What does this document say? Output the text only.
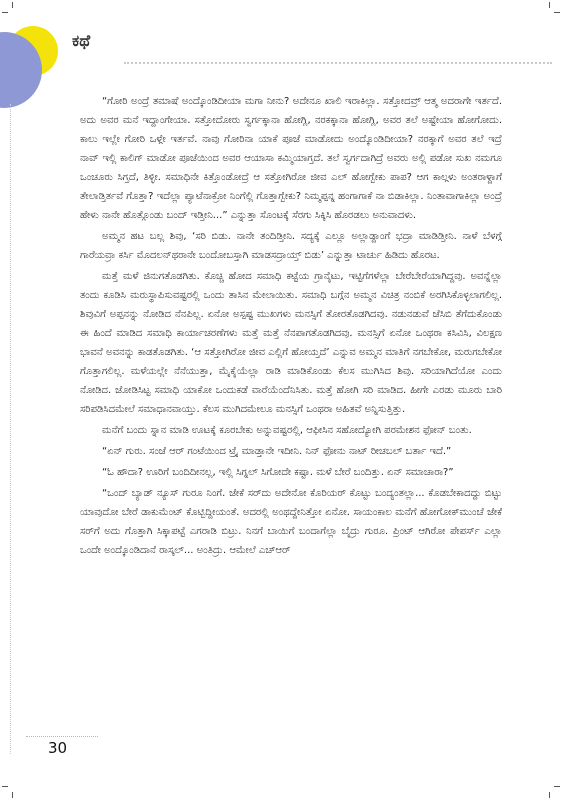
ಕಥೆ

“ಗೋರಿ ಅಂದ್ರೆ ತಮಾಷೆ ಅಂದ್ಕೊಂಡಿದೀಯಾ ಮಗಾ ನೀನು? ಅದೇನೂ ಖಾಲಿ ಇರಾಕಿಲ್ಲಾ. ಸತ್ತೋದವ್ರ್ ಆತ್ಮ ಅದರಾಗೇ ಇರ್ತದೆ. ಅದು ಅವರ ಮನೆ ಇದ್ದಾಂಗೇಯಾ. ಸತ್ತೋದೋರು ಸ್ವರ್ಗಕ್ಕಾನಾ ಹೋಗ್ಲಿ, ನರಕಕ್ಕಾನಾ ಹೋಗ್ಲಿ, ಅವರ ತಲೆ ಅಷ್ಟೇಯಾ ಹೋಗೋದು. ಕಾಲು ಇಲ್ಲೇ ಗೋರಿ ಒಳ್ಗೇ ಇರ್ತವೆ. ನಾವು ಗೋರಿನಾ ಯಾಕೆ ಪೂಜೆ ಮಾಡೋದು ಅಂದ್ಕೊಂಡಿದೀಯಾ? ನರಕ್ಕಾಗೆ ಅವರ ತಲೆ ಇದ್ರೆ ನಾವ್ ಇಲ್ಲಿ ಕಾಲಿಗ್ ಮಾಡೋ ಪೂಜೆಯಿಂದ ಅವರ ಆಯಾಸಾ ಕಮ್ಮಿಯಾಗ್ತದೆ. ತಲೆ ಸ್ವರ್ಗದಾಗಿದ್ರೆ ಅವರು ಅಲ್ಲಿ ಪಡೋ ಸುಖ ನಮಗೂ ಒಂಚೂರು ಸಿಗ್ತದೆ, ತಿಳ್ಳೀ. ಸಮಾಧಿನೇ ಕಿತ್ತೊಂಡೋದ್ರೆ ಆ ಸತ್ತೋಗಿರೋ ಜೀವ ಎಲ್ ಹೋಗ್ಬೇಕು ಪಾಪ? ಆಗ ಕಾಲ್ಗಳು ಅಂತರಾಳ್ದಾಗೆ ತೇಲಾಡ್ತಿರ್ತವೆ ಗೊತ್ತಾ? ಇದೆಲ್ಲಾ ಪ್ಯಾಟೆನಾಕ್ರೋ ನಿಂಗೆಲ್ಲಿ ಗೊತ್ತಾಗ್ಬೇಕು? ನಿಮ್ಮಪ್ಪನ್ನ ಹಂಗಾಗಾಕೆ ನಾ ಬಿಡಾಕಿಲ್ಲಾ. ನಿಂತಾವಾಗಾಕಿಲ್ಲಾ ಅಂದ್ರೆ ಹೇಳು ನಾನೇ ಹೊತ್ಗೊಂಡು ಬಂದ್ ಇಡ್ತೀನಿ...” ಎನ್ನುತ್ತಾ ಸೊಂಟಕ್ಕೆ ಸೆರಗು ಸಿಕ್ಕಿಸಿ ಹೊರಡಲು ಅನುವಾದಳು.

ಅಮ್ಮನ ಹಟ ಬಲ್ಲ ಶಿವು, ‘ಸರಿ ಬಿಡು. ನಾನೇ ತಂದಿಡ್ತೀನಿ. ಸದ್ಯಕ್ಕೆ ಎಲ್ಲೂ ಅಲ್ಲಾಡ್ದಾಂಗೆ ಭದ್ರಾ ಮಾಡಿಡ್ತೀನಿ. ನಾಳೆ ಬೆಳಗ್ಗೆ ಗಾರೆಯವ್ರಾ ಕರ್ಸಿ ಮೊದಲನ್‌ಥರಾನೇ ಬಂದೋಬಸ್ತಾಗಿ ಮಾಡಸದ್ರಾಯ್ತ್ ಬಿಡು’ ಎನ್ನುತ್ತಾ ಟಾರ್ಚು ಹಿಡಿದು ಹೊರಟ.

ಮತ್ತೆ ಮಳೆ ಜಿನುಗತೊಡಗಿತು. ಕೊಚ್ಚಿ ಹೋದ ಸಮಾಧಿ ಕಟ್ಟೆಯ ಗ್ರಾನೈಟು, ಇಟ್ಟಿಗೆಗಳೆಲ್ಲಾ ಬೇರೆಬೇರೆಯಾಗಿದ್ದವು. ಅವನ್ನೆಲ್ಲಾ ತಂದು ಕೂಡಿಸಿ ಮರುಸ್ಥಾಪಿಸುವಷ್ಟರಲ್ಲಿ ಒಂದು ತಾಸಿನ ಮೇಲಾಯಿತು. ಸಮಾಧಿ ಬಗ್ಗೆನ ಅಮ್ಮನ ವಿಚಿತ್ರ ನಂಬಿಕೆ ಅರಗಿಸಿಕೊಳ್ಳಲಾಗಲಿಲ್ಲ. ಶಿವುವಿಗೆ ಅಪ್ಪನನ್ನು ನೋಡಿದ ನೆನಪಿಲ್ಲ. ಏನೋ ಅಸ್ಪಷ್ಟ ಮುಖಗಳು ಮನಸ್ಸಿಗೆ ತೋರತೊಡಗಿದವು. ನಡುನಡುವೆ ಜೆಸಿಬಿ ತೆಗೆದುಕೊಂಡು ಈ ಹಿಂದೆ ಮಾಡಿದ ಸಮಾಧಿ ಕಾರ್ಯಾಚರಣೆಗಳು ಮತ್ತೆ ಮತ್ತೆ ನೆನಪಾಗತೊಡಗಿದವು. ಮನಸ್ಸಿಗೆ ಏನೋ ಒಂಥರಾ ಕಸಿವಿಸಿ, ವಿಲಕ್ಷಣ ಭಾವನೆ ಅವನನ್ನು ಕಾಡತೊಡಗಿತು. ‘ಆ ಸತ್ತೋಗಿರೋ ಜೀವ ಎಲ್ಲಿಗೆ ಹೋಯ್ತದೆ’ ಎನ್ನುವ ಅಮ್ಮನ ಮಾತಿಗೆ ನಗಬೇಕೋ, ಮರುಗಬೇಕೋ ಗೊತ್ತಾಗಲಿಲ್ಲ. ಮಳೆಯಲ್ಲೇ ನೆನೆಯುತ್ತಾ, ಮೈಕೈಯೆಲ್ಲಾ ರಾಡಿ ಮಾಡಿಕೊಂಡು ಕೆಲಸ ಮುಗಿಸಿದ ಶಿವು. ಸರಿಯಾಗಿದೆಯೋ ಎಂದು ನೋಡಿದ. ಜೋಡಿಸಿಟ್ಟ ಸಮಾಧಿ ಯಾಕೋ ಒಂದುಕಡೆ ವಾರೆಯೆಂದೆನಿಸಿತು. ಮತ್ತೆ ಹೋಗಿ ಸರಿ ಮಾಡಿದ. ಹೀಗೇ ಎರಡು ಮೂರು ಬಾರಿ ಸರಿಪಡಿಸಿದಮೇಲೆ ಸಮಾಧಾನವಾಯ್ತು. ಕೆಲಸ ಮುಗಿದಮೇಲೂ ಮನಸ್ಸಿಗೆ ಒಂಥರಾ ಅಹಿತವೆ ಅನ್ನಿಸುತ್ತಿತ್ತು.

ಮನೆಗೆ ಬಂದು ಸ್ನಾನ ಮಾಡಿ ಊಟಕ್ಕೆ ಕೂರಬೇಕು ಅನ್ನುವಷ್ಟರಲ್ಲಿ, ಆಫೀಸಿನ ಸಹೋದ್ಯೋಗಿ ಪರಮೇಶನ ಫೋನ್ ಬಂತು.

“ಏನ್ ಗುರು. ಸಂಜೆ ಆರ್ ಗಂಟೆಯಿಂದ ಟ್ರೈ ಮಾಡ್ತಾನೇ ಇದೀನಿ. ನಿನ್ ಫೋನು ನಾಟ್ ರೀಚಬಲ್ ಬರ್ತಾ ಇದೆ.”

“ಓ ಹೌದಾ? ಊರಿಗೆ ಬಂದಿದೀನಲ್ಲ, ಇಲ್ಲಿ ಸಿಗ್ನಲ್ ಸಿಗೋದೇ ಕಷ್ಟಾ. ಮಳೆ ಬೇರೆ ಬಂದಿತ್ತು. ಏನ್ ಸಮಾಚಾರಾ?”

“ಒಂದ್ ಬ್ಯಾಡ್ ನ್ಯೂಸ್ ಗುರೂ ನಿಂಗೆ. ಜೇಕೆ ಸರ್‌ದು ಅದೇನೋ ಕೊರಿಯರ್ ಕೊಟ್ಟು ಬಂದ್ಯಂತಲ್ಲಾ... ಕೊಡಬೇಕಾದದ್ದು ಬಿಟ್ಟು ಯಾವುದೋ ಬೇರೆ ಡಾಕುಮೆಂಟ್ ಕೊಟ್ಬಿದ್ದೀಯಂತೆ. ಅದರಲ್ಲಿ ಅಂಥದ್ದೇನಿತ್ತೋ ಏನೋ. ಸಾಯಂಕಾಲ ಮನೆಗೆ ಹೋಗೋಕ್‌ಮುಂಚೆ ಜೇಕೆ ಸರ್‌ಗೆ ಅದು ಗೊತ್ತಾಗಿ ಸಿಕ್ಕಾಪಟ್ಟೆ ಎಗರಾಡಿ ಬಿಟ್ರು. ನಿನಗೆ ಬಾಯಿಗೆ ಬಂದಾಗೆಲ್ಲಾ ಬೈದ್ರು ಗುರೂ. ಪ್ರಿಂಟ್ ಆಗಿರೋ ಪೇಪರ್ಸ್ ಎಲ್ಲಾ ಒಂದೇ ಅಂದ್ಕೊಂಡಿದಾನೆ ರಾಸ್ಕಲ್... ಅಂತಿದ್ರು. ಆಮೇಲೆ ಎಚ್‌ಆರ್

30
